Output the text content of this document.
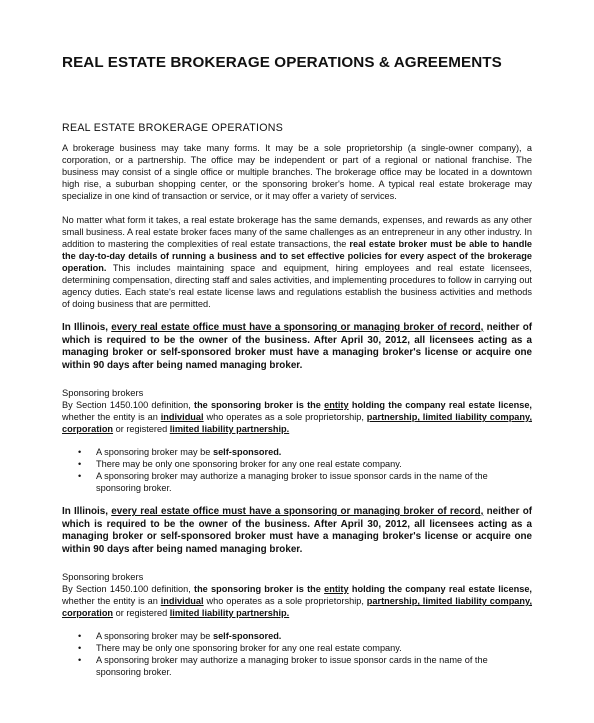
REAL ESTATE BROKERAGE OPERATIONS & AGREEMENTS
REAL ESTATE BROKERAGE OPERATIONS

A brokerage business may take many forms. It may be a sole proprietorship (a single-owner company), a corporation, or a partnership. The office may be independent or part of a regional or national franchise. The business may consist of a single office or multiple branches. The brokerage office may be located in a downtown high rise, a suburban shopping center, or the sponsoring broker's home. A typical real estate brokerage may specialize in one kind of transaction or service, or it may offer a variety of services.

No matter what form it takes, a real estate brokerage has the same demands, expenses, and rewards as any other small business. A real estate broker faces many of the same challenges as an entrepreneur in any other industry. In addition to mastering the complexities of real estate transactions, the real estate broker must be able to handle the day-to-day details of running a business and to set effective policies for every aspect of the brokerage operation. This includes maintaining space and equipment, hiring employees and real estate licensees, determining compensation, directing staff and sales activities, and implementing procedures to follow in carrying out agency duties. Each state's real estate license laws and regulations establish the business activities and methods of doing business that are permitted.

In Illinois, every real estate office must have a sponsoring or managing broker of record, neither of which is required to be the owner of the business. After April 30, 2012, all licensees acting as a managing broker or self-sponsored broker must have a managing broker's license or acquire one within 90 days after being named managing broker.

Sponsoring brokers

By Section 1450.100 definition, the sponsoring broker is the entity holding the company real estate license, whether the entity is an individual who operates as a sole proprietorship, partnership, limited liability company, corporation or registered limited liability partnership.

• A sponsoring broker may be self-sponsored.
• There may be only one sponsoring broker for any one real estate company.
• A sponsoring broker may authorize a managing broker to issue sponsor cards in the name of the sponsoring broker.

In Illinois, every real estate office must have a sponsoring or managing broker of record, neither of which is required to be the owner of the business. After April 30, 2012, all licensees acting as a managing broker or self-sponsored broker must have a managing broker's license or acquire one within 90 days after being named managing broker.

Sponsoring brokers

By Section 1450.100 definition, the sponsoring broker is the entity holding the company real estate license, whether the entity is an individual who operates as a sole proprietorship, partnership, limited liability company, corporation or registered limited liability partnership.

• A sponsoring broker may be self-sponsored.
• There may be only one sponsoring broker for any one real estate company.
• A sponsoring broker may authorize a managing broker to issue sponsor cards in the name of the sponsoring broker.
